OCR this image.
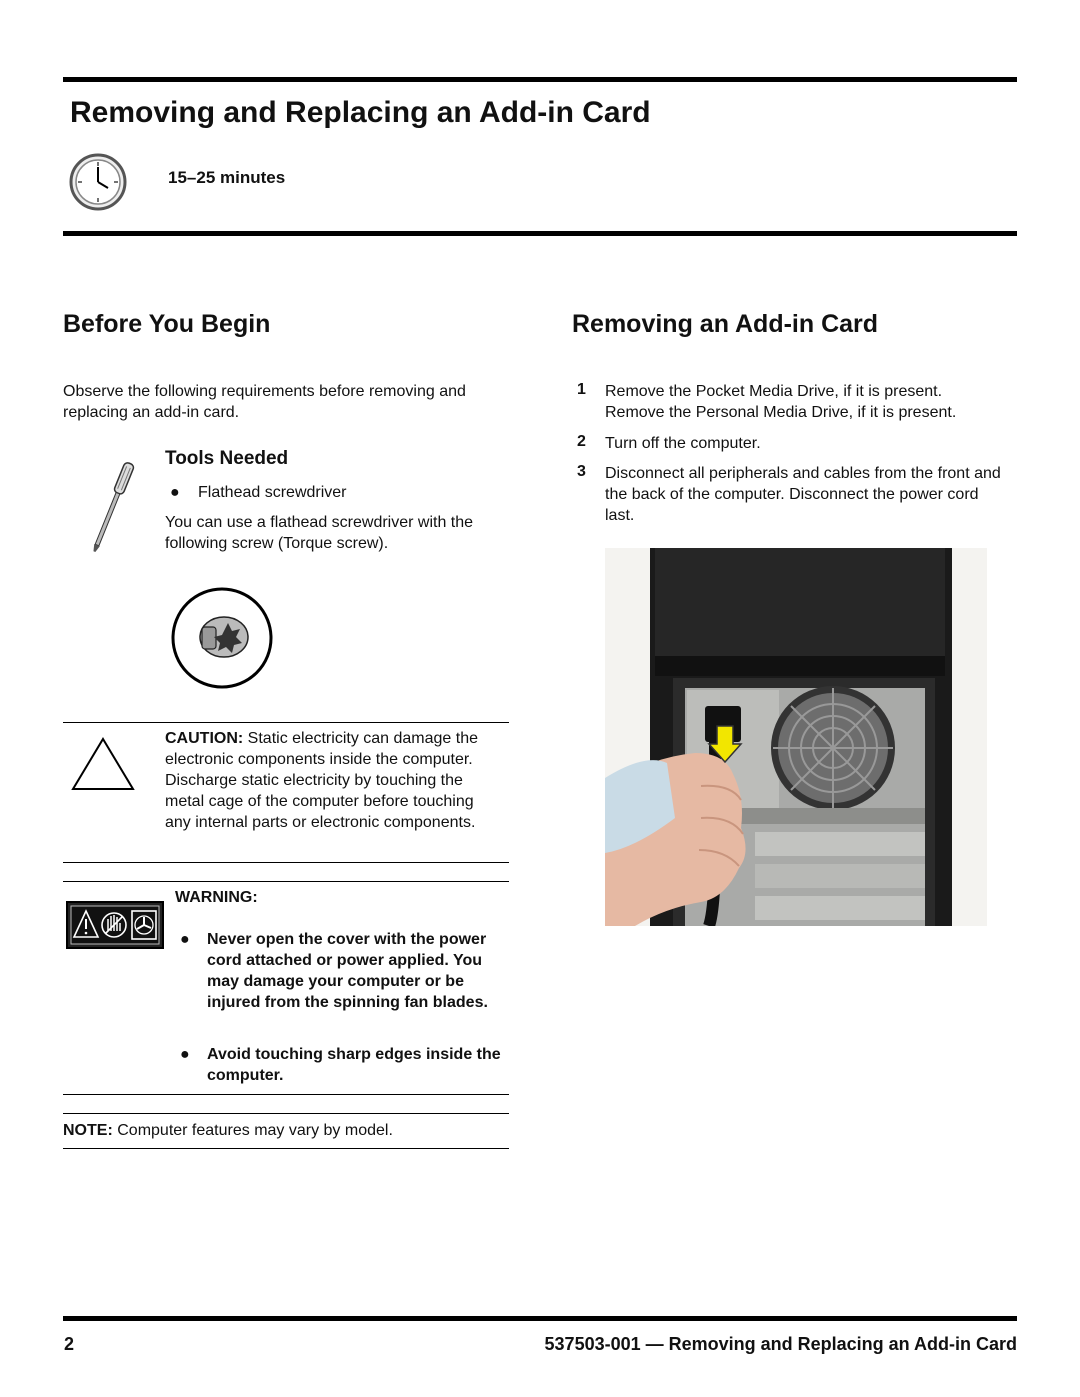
Removing and Replacing an Add-in Card
15–25 minutes
Before You Begin
Observe the following requirements before removing and replacing an add-in card.
Tools Needed
● Flathead screwdriver
You can use a flathead screwdriver with the following screw (Torque screw).
CAUTION: Static electricity can damage the electronic components inside the computer. Discharge static electricity by touching the metal cage of the computer before touching any internal parts or electronic components.
WARNING:
● Never open the cover with the power cord attached or power applied. You may damage your computer or be injured from the spinning fan blades.
● Avoid touching sharp edges inside the computer.
NOTE: Computer features may vary by model.
Removing an Add-in Card
1 Remove the Pocket Media Drive, if it is present. Remove the Personal Media Drive, if it is present.
2 Turn off the computer.
3 Disconnect all peripherals and cables from the front and the back of the computer. Disconnect the power cord last.
2	537503-001 — Removing and Replacing an Add-in Card
